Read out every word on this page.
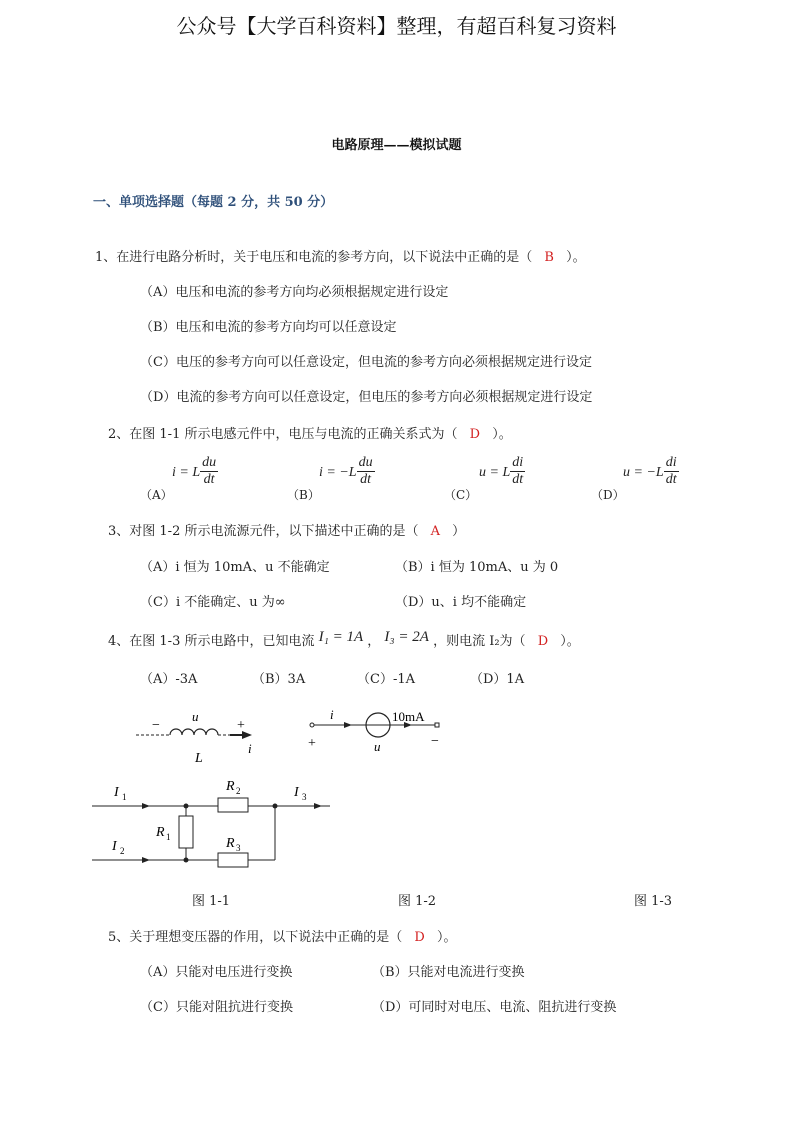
公众号【大学百科资料】整理，有超百科复习资料
电路原理——模拟试题
一、单项选择题（每题 2 分，共 50 分）
1、在进行电路分析时，关于电压和电流的参考方向，以下说法中正确的是（ B ）。
（A）电压和电流的参考方向均必须根据规定进行设定
（B）电压和电流的参考方向均可以任意设定
（C）电压的参考方向可以任意设定，但电流的参考方向必须根据规定进行设定
（D）电流的参考方向可以任意设定，但电压的参考方向必须根据规定进行设定
2、在图 1-1 所示电感元件中，电压与电流的正确关系式为（ D ）。
（A）
i = L $\frac{du}{dt}$
（B）
$i = -L \frac{du}{dt}$
（C）
u = L $\frac{di}{dt}$
（D）
$u = -L \frac{di}{dt}$
3、对图 1-2 所示电流源元件，以下描述中正确的是（ A ）
（A）i 恒为 10mA、u 不能确定	（B）i 恒为 10mA、u 为 0
（C）i 不能确定、u 为∞	（D）u、i 均不能确定
4、在图 1-3 所示电路中，已知电流 I₁ = 1A ， I₃ = 2A ，则电流 I₂为（ D ）。
（A）-3A	（B）3A	（C）-1A	（D）1A
−	+
u
L
i
i	10mA
+	−
u
I 1
I 2
I 3
R 1
R 2
R 3
图 1-1	图 1-2	图 1-3
5、关于理想变压器的作用，以下说法中正确的是（ D ）。
（A）只能对电压进行变换	（B）只能对电流进行变换
（C）只能对阻抗进行变换	（D）可同时对电压、电流、阻抗进行变换
